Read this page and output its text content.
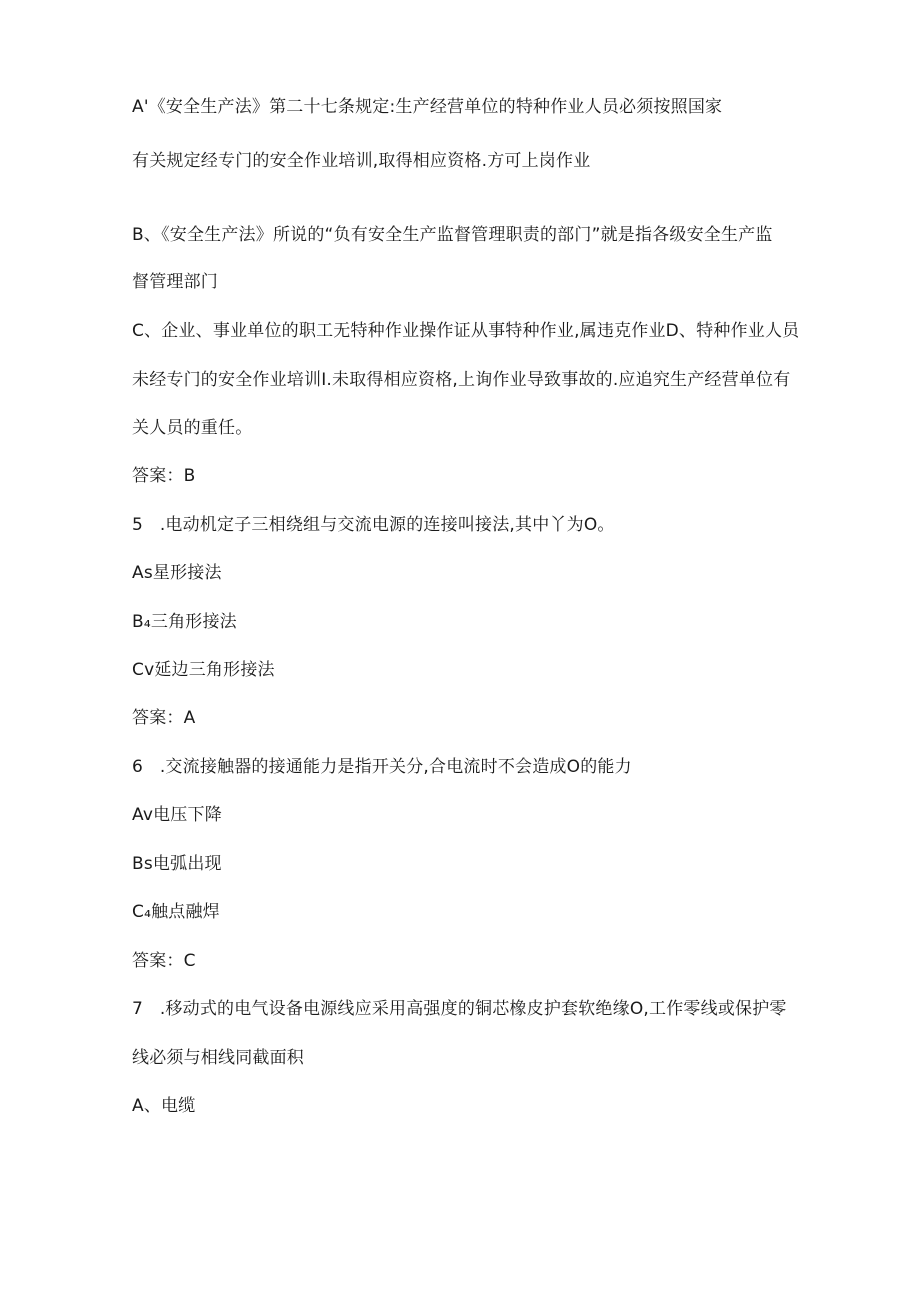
A'《安全生产法》第二十七条规定:生产经营单位的特种作业人员必须按照国家
有关规定经专门的安全作业培训,取得相应资格.方可上岗作业
B、《安全生产法》所说的“负有安全生产监督管理职责的部门”就是指各级安全生产监
督管理部门
C、企业、事业单位的职工无特种作业操作证从事特种作业,属违克作业D、特种作业人员
未经专门的安全作业培训I.未取得相应资格,上询作业导致事故的.应追究生产经营单位有
关人员的重任。
答案：B
5   .电动机定子三相绕组与交流电源的连接叫接法,其中丫为O。
As星形接法
B₄三角形接法
Cv延边三角形接法
答案：A
6   .交流接触器的接通能力是指开关分,合电流时不会造成O的能力
Av电压下降
Bs电弧出现
C₄触点融焊
答案：C
7   .移动式的电气设备电源线应采用高强度的铜芯橡皮护套软绝缘O,工作零线或保护零
线必须与相线同截面积
A、电缆
